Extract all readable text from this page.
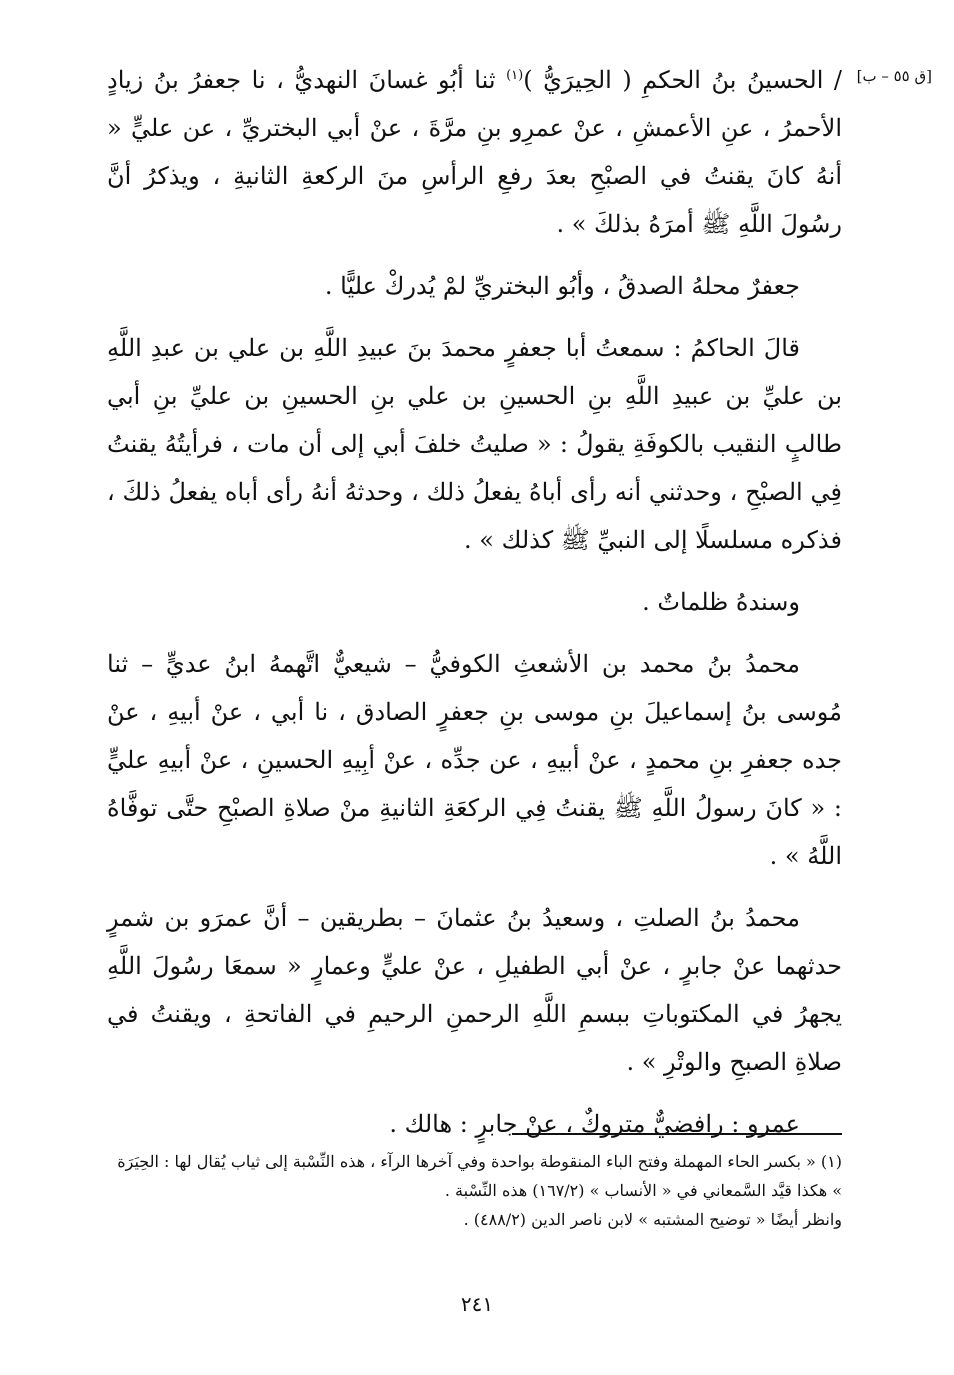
[ق ٥٥ – ب]

/ الحسينُ بنُ الحكمِ ( الحِيرَيُّ )$^{(١)}$ ثنا أبُو غسانَ النهديُّ ، نا جعفرُ بنُ زيادٍ الأحمرُ ، عنِ الأعمشِ ، عنْ عمرِو بنِ مرَّةَ ، عنْ أبي البختريِّ ، عن عليٍّ « أنهُ كانَ يقنتُ في الصبْحِ بعدَ رفعِ الرأسِ منَ الركعةِ الثانيةِ ، ويذكرُ أنَّ رسُولَ اللَّهِ ﷺ أمرَهُ بذلكَ » .

جعفرٌ محلهُ الصدقُ ، وأبُو البختريِّ لمْ يُدركْ عليًّا .

قالَ الحاكمُ : سمعتُ أبا جعفرٍ محمدَ بنَ عبيدِ اللَّهِ بن علي بن عبدِ اللَّهِ بن عليِّ بن عبيدِ اللَّهِ بنِ الحسينِ بن علي بنِ الحسينِ بن عليِّ بنِ أبي طالبٍ النقيب بالكوفَةِ يقولُ : « صليتُ خلفَ أبي إلى أن مات ، فرأيتُهُ يقنتُ فِي الصبْحِ ، وحدثني أنه رأى أباهُ يفعلُ ذلك ، وحدثهُ أنهُ رأى أباه يفعلُ ذلكَ ، فذكره مسلسلًا إلى النبيِّ ﷺ كذلك » .

وسندهُ ظلماتٌ .

محمدُ بنُ محمد بن الأشعثِ الكوفيُّ – شيعيٌّ اتَّهمهُ ابنُ عديٍّ – ثنا مُوسى بنُ إسماعيلَ بنِ موسى بنِ جعفرٍ الصادق ، نا أبي ، عنْ أبيهِ ، عنْ جده جعفرِ بنِ محمدٍ ، عنْ أبيهِ ، عن جدِّه ، عنْ أبِيهِ الحسينِ ، عنْ أبيهِ عليٍّ : « كانَ رسولُ اللَّهِ ﷺ يقنتُ فِي الركعَةِ الثانيةِ منْ صلاةِ الصبْحِ حتَّى توفَّاهُ اللَّهُ » .

محمدُ بنُ الصلتِ ، وسعيدُ بنُ عثمانَ – بطريقين – أنَّ عمرَو بن شمرٍ حدثهما عنْ جابرٍ ، عنْ أبي الطفيلِ ، عنْ عليٍّ وعمارٍ « سمعَا رسُولَ اللَّهِ يجهرُ في المكتوباتِ ببسمِ اللَّهِ الرحمنِ الرحيمِ في الفاتحةِ ، ويقنتُ في صلاةِ الصبحِ والوتْرِ » .

عمرو : رافضيٌّ متروكٌ ، عنْ جابرٍ : هالك .

(١) « بكسر الحاء المهملة وفتح الباء المنقوطة بواحدة وفي آخرها الرآء ، هذه النِّسْبة إلى ثياب يُقال لها : الحِيَرَة » هكذا قيَّد السَّمعاني في « الأنساب » (١٦٧/٢) هذه النِّسْبة .

وانظر أيضًا « توضيح المشتبه » لابن ناصر الدين (٤٨٨/٢) .

٢٤١
